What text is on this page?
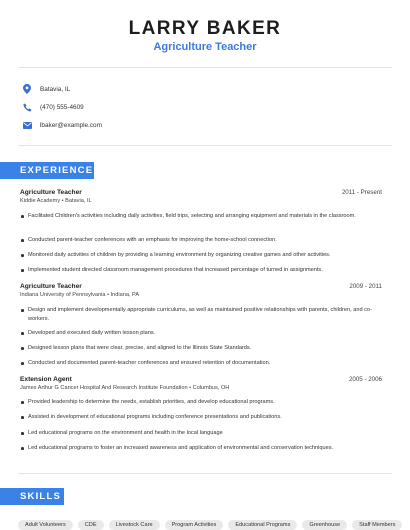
LARRY BAKER
Agriculture Teacher
Batavia, IL
(470) 555-4609
lbaker@example.com
EXPERIENCE
Agriculture Teacher	2011 - Present
Kiddie Academy • Batavia, IL
Facilitated Children's activities including daily activities, field trips, selecting and arranging equipment and materials in the classroom.
Conducted parent-teacher conferences with an emphasis for improving the home-school connection.
Monitored daily activities of children by providing a learning environment by organizing creative games and other activities.
Implemented student directed classroom management procedures that increased percentage of turned in assignments.
Agriculture Teacher	2009 - 2011
Indiana University of Pennsylvania • Indiana, PA
Design and implement developmentally appropriate curriculums, as well as maintained positive relationships with parents, children, and co-workers.
Developed and executed daily written lesson plans.
Designed lesson plans that were clear, precise, and aligned to the Illinois State Standards.
Conducted and documented parent-teacher conferences and ensured retention of documentation.
Extension Agent	2005 - 2006
James Arthur G Cancer Hospital And Research Institute Foundation • Columbus, OH
Provided leadership to determine the needs, establish priorities, and develop educational programs.
Assisted in development of educational programs including conference presentations and publications.
Led educational programs on the environment and health in the local language
Led educational programs to foster an increased awareness and application of environmental and conservation techniques.
SKILLS
Adult Volunteers	CDE	Livestock Care	Program Activities	Educational Programs	Greenhouse	Staff Members
